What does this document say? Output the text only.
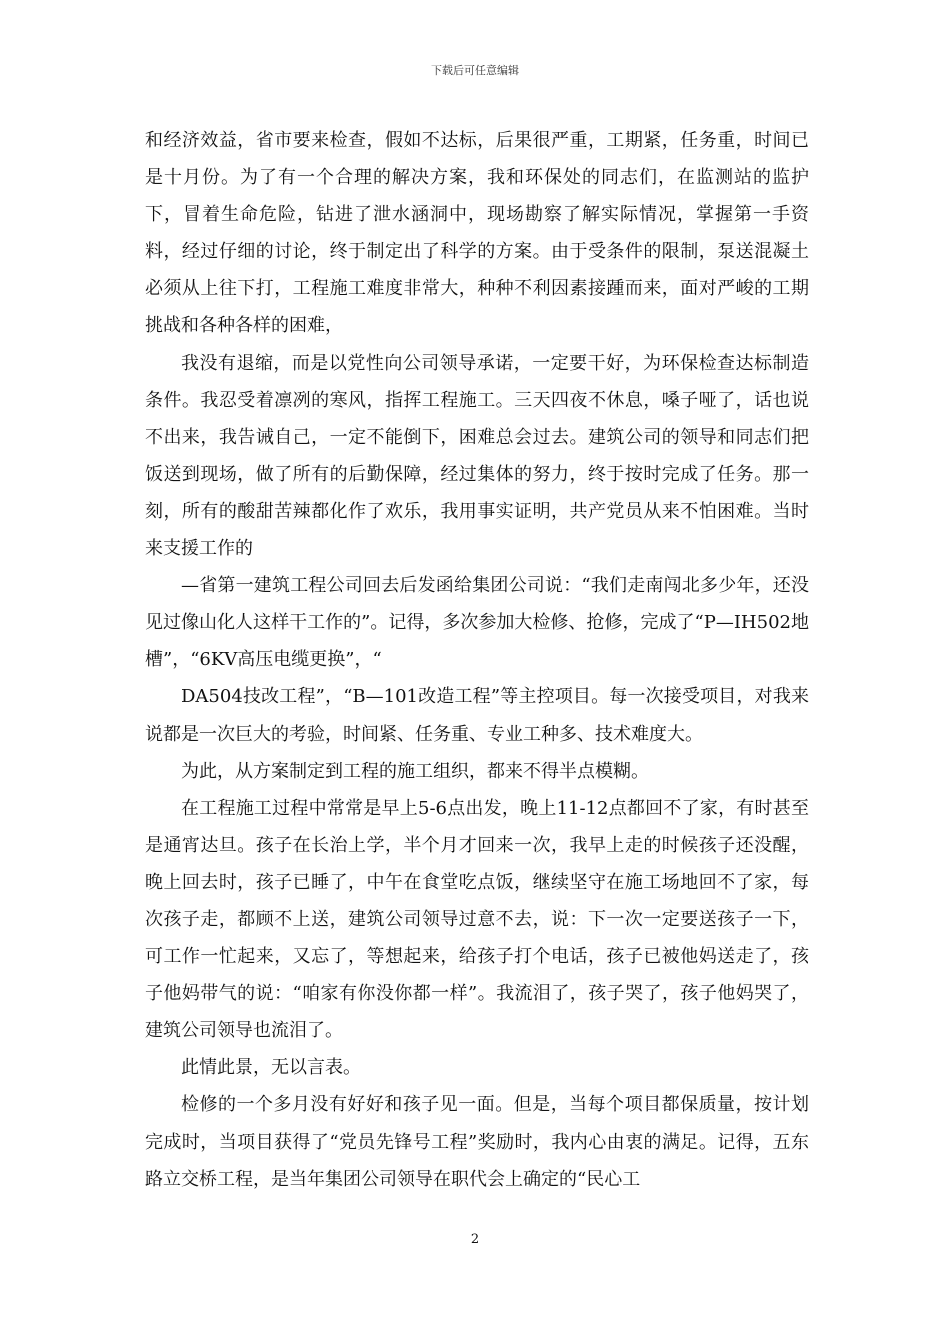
下载后可任意编辑

和经济效益，省市要来检查，假如不达标，后果很严重，工期紧，任务重，时间已是十月份。为了有一个合理的解决方案，我和环保处的同志们，在监测站的监护下，冒着生命危险，钻进了泄水涵洞中，现场勘察了解实际情况，掌握第一手资料，经过仔细的讨论，终于制定出了科学的方案。由于受条件的限制，泵送混凝土必须从上往下打，工程施工难度非常大，种种不利因素接踵而来，面对严峻的工期挑战和各种各样的困难，

我没有退缩，而是以党性向公司领导承诺，一定要干好，为环保检查达标制造条件。我忍受着凛冽的寒风，指挥工程施工。三天四夜不休息，嗓子哑了，话也说不出来，我告诫自己，一定不能倒下，困难总会过去。建筑公司的领导和同志们把饭送到现场，做了所有的后勤保障，经过集体的努力，终于按时完成了任务。那一刻，所有的酸甜苦辣都化作了欢乐，我用事实证明，共产党员从来不怕困难。当时来支援工作的

—省第一建筑工程公司回去后发函给集团公司说：“我们走南闯北多少年，还没见过像山化人这样干工作的”。记得，多次参加大检修、抢修，完成了“P—IH502地槽”，“6KV高压电缆更换”，“

DA504技改工程”，“B—101改造工程”等主控项目。每一次接受项目，对我来说都是一次巨大的考验，时间紧、任务重、专业工种多、技术难度大。

为此，从方案制定到工程的施工组织，都来不得半点模糊。

在工程施工过程中常常是早上5-6点出发，晚上11-12点都回不了家，有时甚至是通宵达旦。孩子在长治上学，半个月才回来一次，我早上走的时候孩子还没醒，晚上回去时，孩子已睡了，中午在食堂吃点饭，继续坚守在施工场地回不了家，每次孩子走，都顾不上送，建筑公司领导过意不去，说：下一次一定要送孩子一下，可工作一忙起来，又忘了，等想起来，给孩子打个电话，孩子已被他妈送走了，孩子他妈带气的说：“咱家有你没你都一样”。我流泪了，孩子哭了，孩子他妈哭了，建筑公司领导也流泪了。

此情此景，无以言表。

检修的一个多月没有好好和孩子见一面。但是，当每个项目都保质量，按计划完成时，当项目获得了“党员先锋号工程”奖励时，我内心由衷的满足。记得，五东路立交桥工程，是当年集团公司领导在职代会上确定的“民心工

2
